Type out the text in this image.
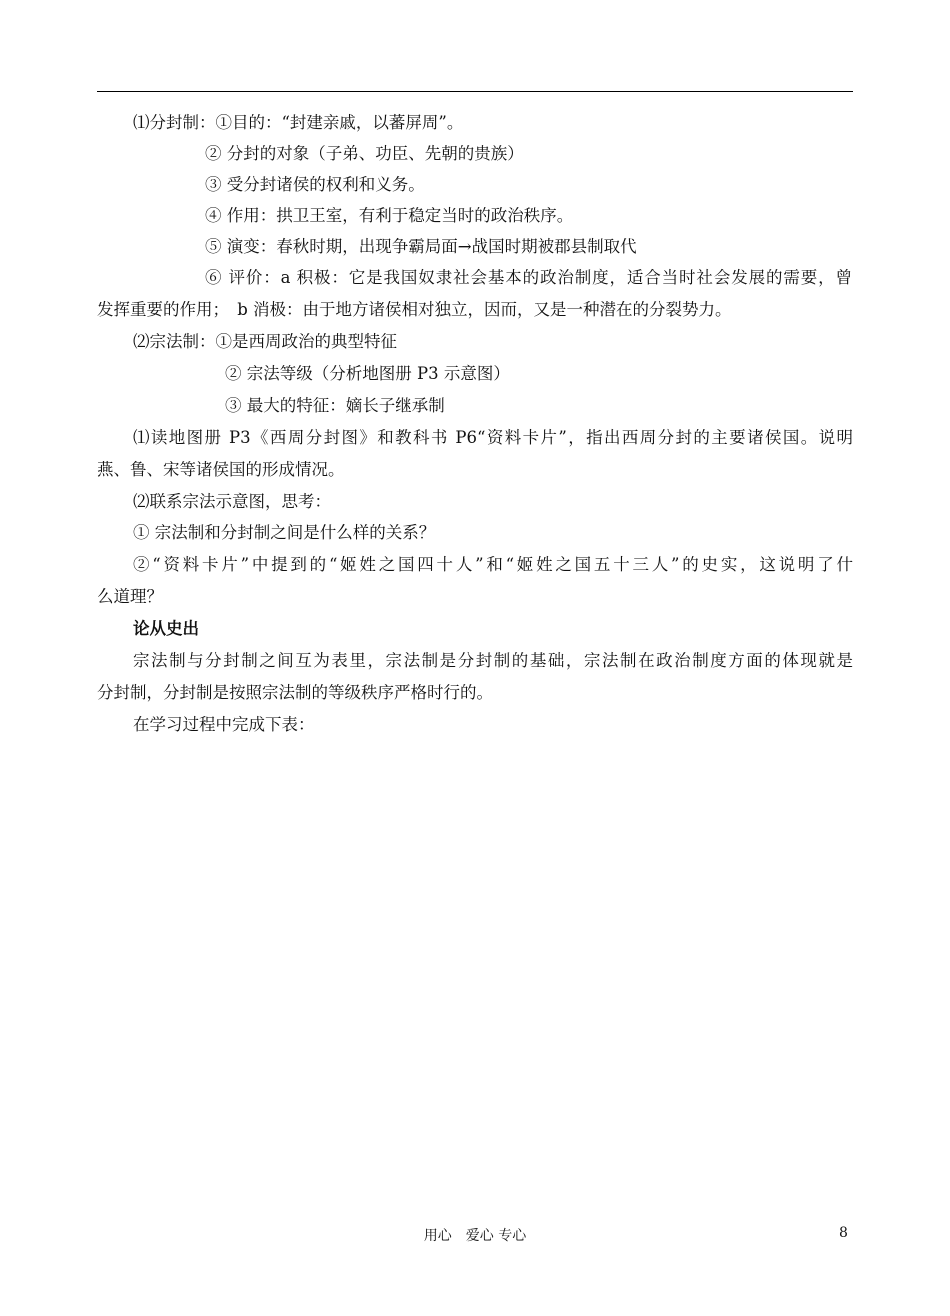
⑴分封制：①目的：“封建亲戚，以蕃屏周”。
② 分封的对象（子弟、功臣、先朝的贵族）
③ 受分封诸侯的权利和义务。
④ 作用：拱卫王室，有利于稳定当时的政治秩序。
⑤ 演变：春秋时期，出现争霸局面→战国时期被郡县制取代
⑥ 评价：a 积极：它是我国奴隶社会基本的政治制度，适合当时社会发展的需要，曾
发挥重要的作用；　b 消极：由于地方诸侯相对独立，因而，又是一种潜在的分裂势力。
⑵宗法制：①是西周政治的典型特征
② 宗法等级（分析地图册 P3 示意图）
③ 最大的特征：嫡长子继承制
⑴读地图册 P3《西周分封图》和教科书 P6“资料卡片”，指出西周分封的主要诸侯国。说明
燕、鲁、宋等诸侯国的形成情况。
⑵联系宗法示意图，思考：
① 宗法制和分封制之间是什么样的关系？
②“资料卡片”中提到的“姬姓之国四十人”和“姬姓之国五十三人”的史实，这说明了什
么道理？
论从史出
宗法制与分封制之间互为表里，宗法制是分封制的基础，宗法制在政治制度方面的体现就是
分封制，分封制是按照宗法制的等级秩序严格时行的。
在学习过程中完成下表：
用心　爱心 专心	8
